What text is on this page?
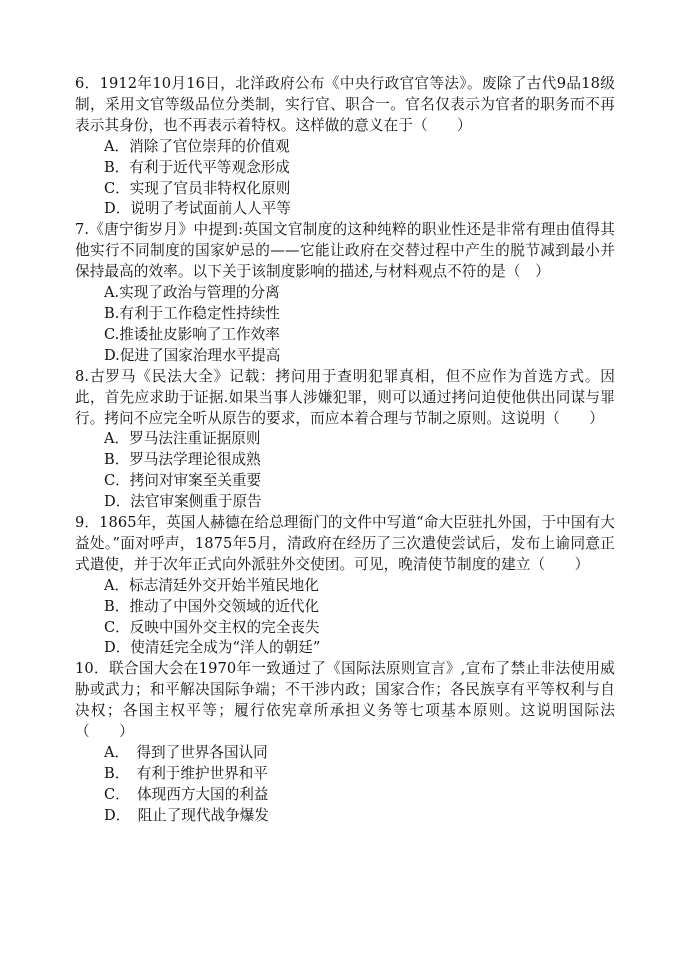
6．1912年10月16日，北洋政府公布《中央行政官官等法》。废除了古代9品18级制，采用文官等级品位分类制，实行官、职合一。官名仅表示为官者的职务而不再表示其身份，也不再表示着特权。这样做的意义在于（　　）
A．消除了官位崇拜的价值观
B．有利于近代平等观念形成
C．实现了官员非特权化原则
D．说明了考试面前人人平等
7.《唐宁街岁月》中提到:英国文官制度的这种纯粹的职业性还是非常有理由值得其他实行不同制度的国家妒忌的——它能让政府在交替过程中产生的脱节减到最小并保持最高的效率。以下关于该制度影响的描述,与材料观点不符的是（　）
A.实现了政治与管理的分离
B.有利于工作稳定性持续性
C.推诿扯皮影响了工作效率
D.促进了国家治理水平提高
8.古罗马《民法大全》记载：拷问用于查明犯罪真相，但不应作为首选方式。因此，首先应求助于证据.如果当事人涉嫌犯罪，则可以通过拷问迫使他供出同谋与罪行。拷问不应完全听从原告的要求，而应本着合理与节制之原则。这说明（　　）
A．罗马法注重证据原则
B．罗马法学理论很成熟
C．拷问对审案至关重要
D．法官审案侧重于原告
9．1865年，英国人赫德在给总理衙门的文件中写道“命大臣驻扎外国，于中国有大益处。”面对呼声，1875年5月，清政府在经历了三次遣使尝试后，发布上谕同意正式遣使，并于次年正式向外派驻外交使团。可见，晚清使节制度的建立（　　）
A．标志清廷外交开始半殖民地化
B．推动了中国外交领域的近代化
C．反映中国外交主权的完全丧失
D．使清廷完全成为“洋人的朝廷”
10．联合国大会在1970年一致通过了《国际法原则宣言》,宣布了禁止非法使用威胁或武力；和平解决国际争端；不干涉内政；国家合作；各民族享有平等权利与自决权；各国主权平等；履行依宪章所承担义务等七项基本原则。这说明国际法（　　）
A．　得到了世界各国认同
B．　有利于维护世界和平
C．　体现西方大国的利益
D．　阻止了现代战争爆发
